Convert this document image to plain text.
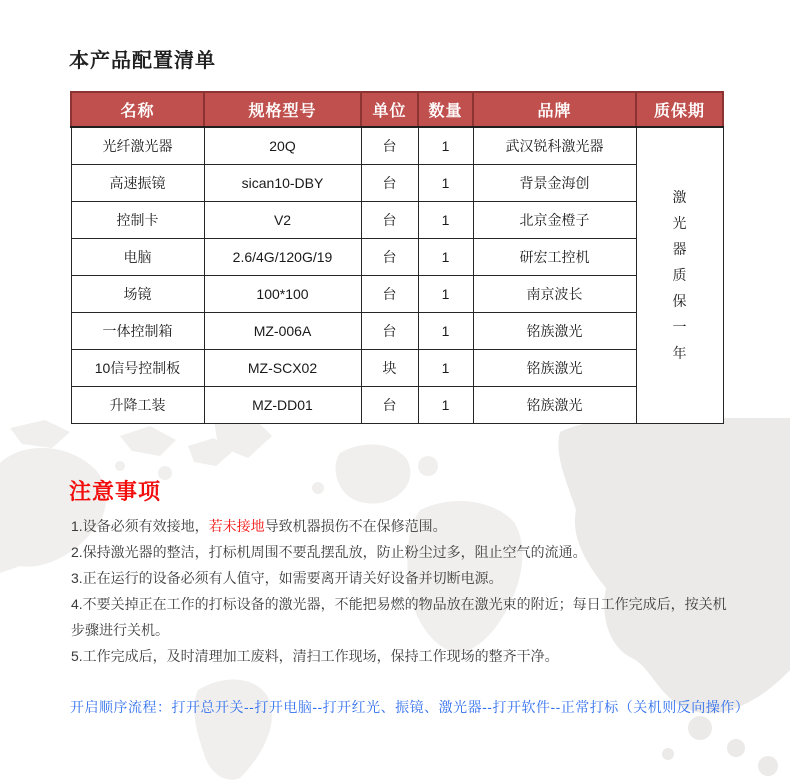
本产品配置清单
名称	规格型号	单位	数量	品牌	质保期
光纤激光器	20Q	台	1	武汉锐科激光器	激光器质保一年

高速振镜	sican10-DBY	台	1	背景金海创	
控制卡	V2	台	1	北京金橙子	
电脑	2.6/4G/120G/19	台	1	研宏工控机	
场镜	100*100	台	1	南京波长	
一体控制箱	MZ-006A	台	1	铭族激光	
10信号控制板	MZ-SCX02	块	1	铭族激光	
升降工装	MZ-DD01	台	1	铭族激光	
注意事项
1.设备必须有效接地，若未接地导致机器损伤不在保修范围。
2.保持激光器的整洁，打标机周围不要乱摆乱放，防止粉尘过多，阻止空气的流通。
3.正在运行的设备必须有人值守，如需要离开请关好设备并切断电源。
4.不要关掉正在工作的打标设备的激光器，不能把易燃的物品放在激光束的附近；每日工作完成后，按关机步骤进行关机。
5.工作完成后，及时清理加工废料，清扫工作现场，保持工作现场的整齐干净。
开启顺序流程：打开总开关--打开电脑--打开红光、振镜、激光器--打开软件--正常打标（关机则反向操作）
